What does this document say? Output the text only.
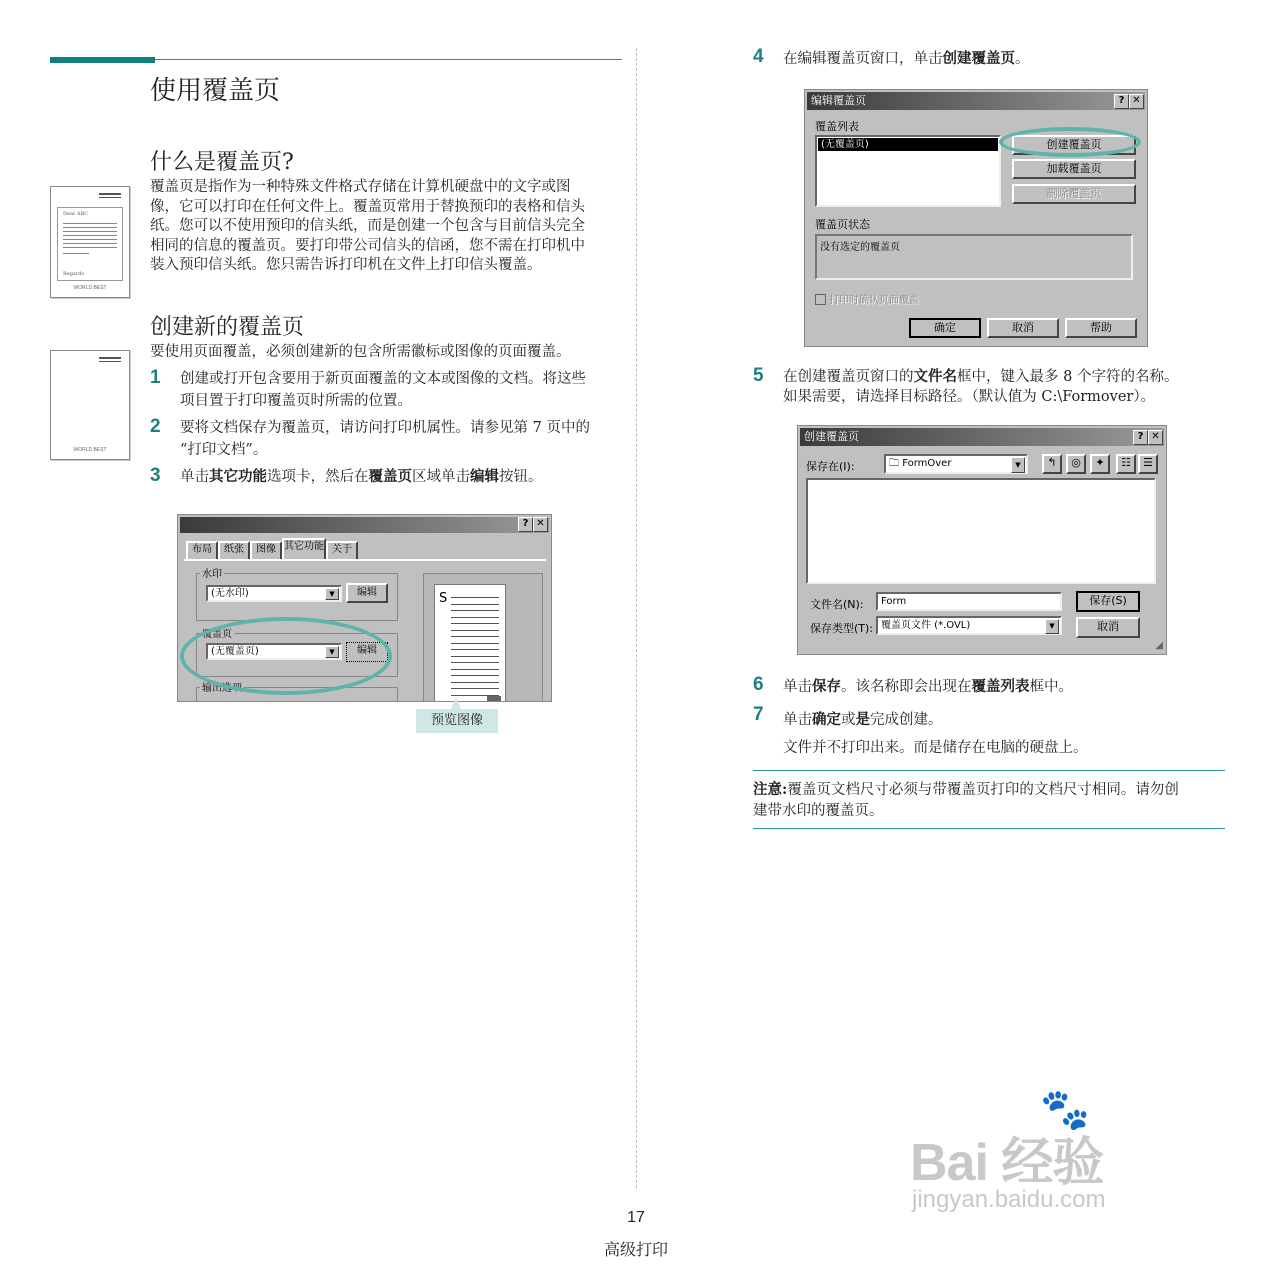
使用覆盖页
什么是覆盖页?
Dear ABC
Regards
WORLD BEST
覆盖页是指作为一种特殊文件格式存储在计算机硬盘中的文字或图
像，它可以打印在任何文件上。覆盖页常用于替换预印的表格和信头
纸。您可以不使用预印的信头纸，而是创建一个包含与目前信头完全
相同的信息的覆盖页。要打印带公司信头的信函，您不需在打印机中
装入预印信头纸。您只需告诉打印机在文件上打印信头覆盖。
创建新的覆盖页
WORLD BEST
要使用页面覆盖，必须创建新的包含所需徽标或图像的页面覆盖。
1 创建或打开包含要用于新页面覆盖的文本或图像的文档。将这些
项目置于打印覆盖页时所需的位置。
2 要将文档保存为覆盖页，请访问打印机属性。请参见第 7 页中的
“打印文档”。
3 单击其它功能选项卡，然后在覆盖页区域单击编辑按钮。
? ✕
布局	纸张	图像 其它功能 关于
水印
(无水印)	▼	编辑
覆盖页
(无覆盖页)	▼	编辑
输出选项
S
预览图像
4 在编辑覆盖页窗口，单击创建覆盖页。
编辑覆盖页	? ✕
覆盖列表
(无覆盖页)	创建覆盖页
加载覆盖页
删除覆盖页
覆盖页状态
没有选定的覆盖页
打印时确认页面覆盖
确定	取消	帮助
5 在创建覆盖页窗口的文件名框中，键入最多 8 个字符的名称。
如果需要，请选择目标路径。（默认值为 C:\Formover）。
创建覆盖页	? ✕
保存在(I):	🗀 FormOver	▼	↰	◎	✦	☷	☰
文件名(N):	Form	保存(S)
保存类型(T): 覆盖页文件 (*.OVL)	▼	取消
◢
6 单击保存。该名称即会出现在覆盖列表框中。
7 单击确定或是完成创建。
文件并不打印出来。而是储存在电脑的硬盘上。
注意:覆盖页文档尺寸必须与带覆盖页打印的文档尺寸相同。请勿创
建带水印的覆盖页。
17
高级打印
🐾
Bai 经验
jingyan.baidu.com
